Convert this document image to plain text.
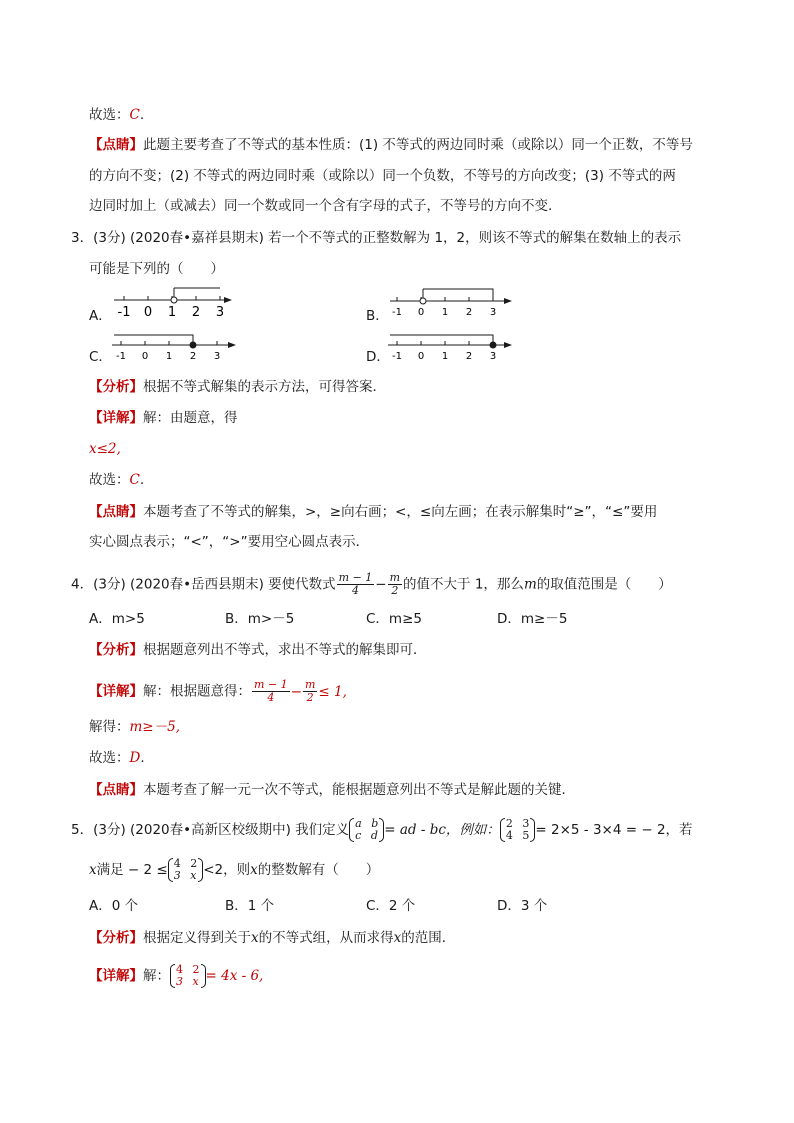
故选：C.
【点睛】此题主要考查了不等式的基本性质：(1) 不等式的两边同时乘（或除以）同一个正数，不等号
的方向不变；(2) 不等式的两边同时乘（或除以）同一个负数，不等号的方向改变；(3) 不等式的两
边同时加上（或减去）同一个数或同一个含有字母的式子，不等号的方向不变.
3．(3分) (2020春•嘉祥县期末) 若一个不等式的正整数解为 1，2，则该不等式的解集在数轴上的表示
可能是下列的（　　）
A． -1 0 1 2 3	B． -1 0 1 2 3
C． -1 0 1 2 3	D． -1 0 1 2 3
【分析】根据不等式解集的表示方法，可得答案．
【详解】解：由题意，得
x≤2,
故选：C.
【点睛】本题考查了不等式的解集，>，≥向右画；<，≤向左画；在表示解集时“≥”，“≤”要用
实心圆点表示；“<”，“>”要用空心圆点表示．
4．(3分) (2020春•岳西县期末) 要使代数式 $\frac{m - 1}{4} - \frac{m}{2}$ 的值不大于 1，那么m的取值范围是（　　）
A．m>5	B．m>－5	C．m≥5	D．m≥－5
【分析】根据题意列出不等式，求出不等式的解集即可．
【详解】解：根据题意得： $\frac{m - 1}{4} - \frac{m}{2} \le 1$,
解得：m≥－5,
故选：D.
【点睛】本题考查了解一元一次不等式，能根据题意列出不等式是解此题的关键．
5．(3分) (2020春•高新区校级期中) 我们定义 a b
c d = ad - bc，例如： 2 3
4 5 = 2×5 - 3×4 = − 2，若
x满足 − 2 ≤ 4 2
3 x <2，则x的整数解有（　　）
A．0 个	B．1 个	C．2 个	D．3 个
【分析】根据定义得到关于x的不等式组，从而求得x的范围．
【详解】解： 4 2
3 x = 4x - 6,
